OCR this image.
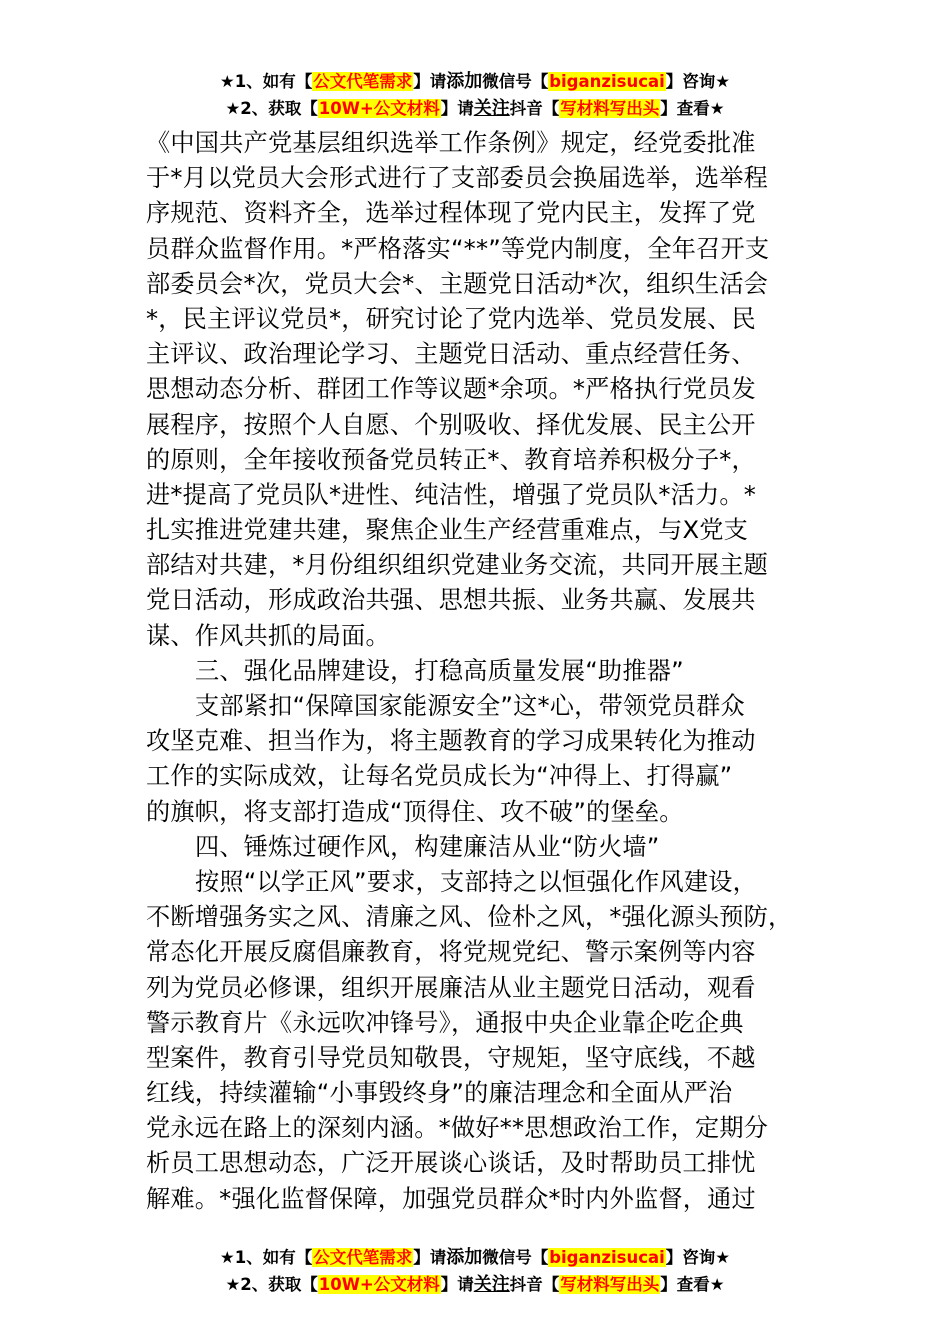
★1、如有【公文代笔需求】请添加微信号【biganzisucai】咨询★
★2、获取【10W+公文材料】请关注抖音【写材料写出头】查看★
《中国共产党基层组织选举工作条例》规定，经党委批准
于*月以党员大会形式进行了支部委员会换届选举，选举程
序规范、资料齐全，选举过程体现了党内民主，发挥了党
员群众监督作用。*严格落实“**”等党内制度，全年召开支
部委员会*次，党员大会*、主题党日活动*次，组织生活会
*，民主评议党员*，研究讨论了党内选举、党员发展、民
主评议、政治理论学习、主题党日活动、重点经营任务、
思想动态分析、群团工作等议题*余项。*严格执行党员发
展程序，按照个人自愿、个别吸收、择优发展、民主公开
的原则，全年接收预备党员转正*、教育培养积极分子*，
进*提高了党员队*进性、纯洁性，增强了党员队*活力。*
扎实推进党建共建，聚焦企业生产经营重难点，与X党支
部结对共建，*月份组织组织党建业务交流，共同开展主题
党日活动，形成政治共强、思想共振、业务共赢、发展共
谋、作风共抓的局面。
三、强化品牌建设，打稳高质量发展“助推器”
支部紧扣“保障国家能源安全”这*心，带领党员群众
攻坚克难、担当作为，将主题教育的学习成果转化为推动
工作的实际成效，让每名党员成长为“冲得上、打得赢”
的旗帜，将支部打造成“顶得住、攻不破”的堡垒。
四、锤炼过硬作风，构建廉洁从业“防火墙”
按照“以学正风”要求，支部持之以恒强化作风建设，
不断增强务实之风、清廉之风、俭朴之风，*强化源头预防，
常态化开展反腐倡廉教育，将党规党纪、警示案例等内容
列为党员必修课，组织开展廉洁从业主题党日活动，观看
警示教育片《永远吹冲锋号》，通报中央企业靠企吃企典
型案件，教育引导党员知敬畏，守规矩，坚守底线，不越
红线，持续灌输“小事毁终身”的廉洁理念和全面从严治
党永远在路上的深刻内涵。*做好**思想政治工作，定期分
析员工思想动态，广泛开展谈心谈话，及时帮助员工排忧
解难。*强化监督保障，加强党员群众*时内外监督，通过
★1、如有【公文代笔需求】请添加微信号【biganzisucai】咨询★
★2、获取【10W+公文材料】请关注抖音【写材料写出头】查看★
